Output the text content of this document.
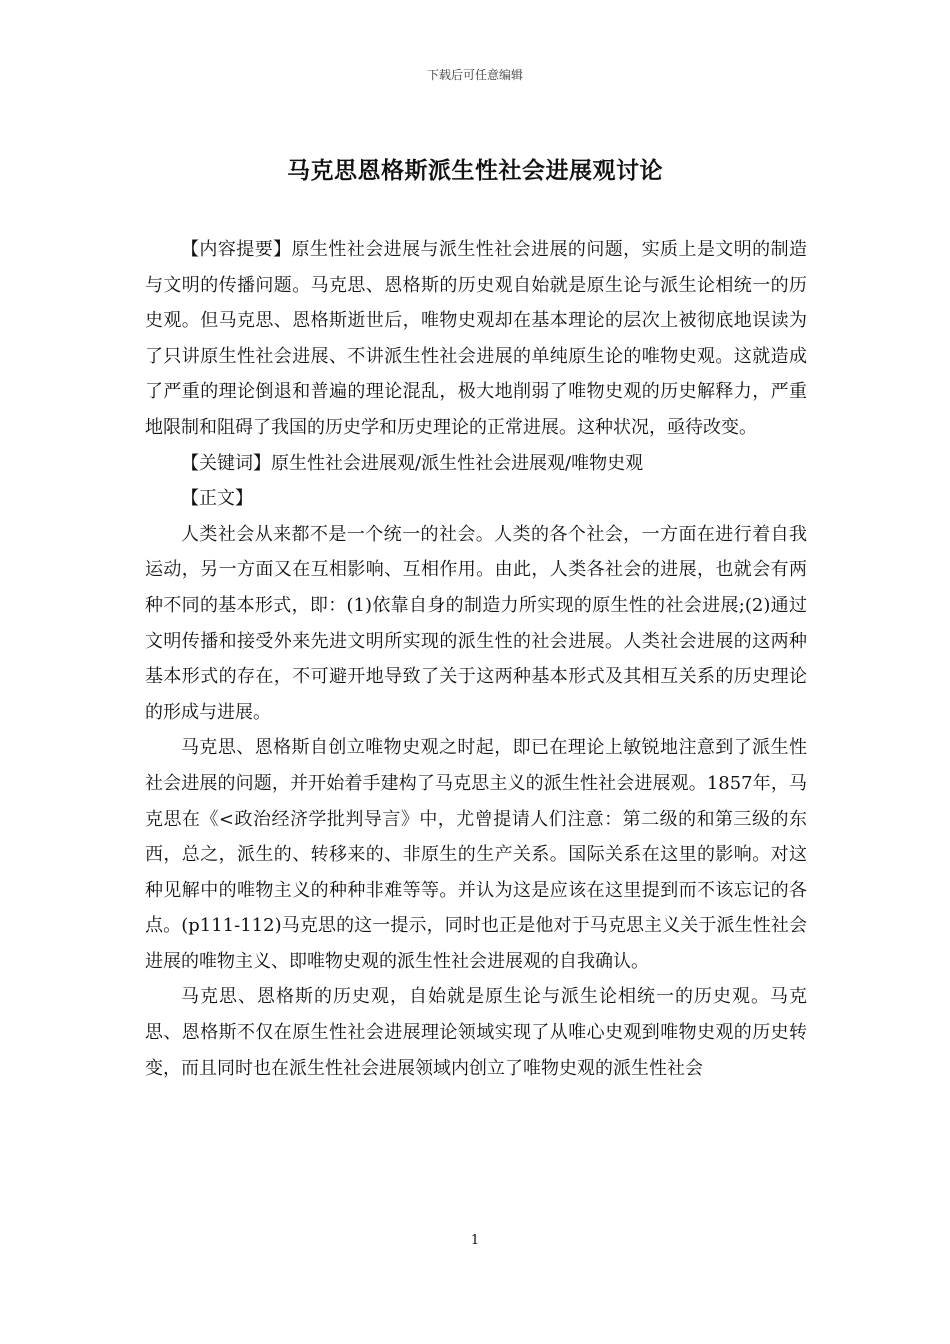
下载后可任意编辑
马克思恩格斯派生性社会进展观讨论

【内容提要】原生性社会进展与派生性社会进展的问题，实质上是文明的制造与文明的传播问题。马克思、恩格斯的历史观自始就是原生论与派生论相统一的历史观。但马克思、恩格斯逝世后，唯物史观却在基本理论的层次上被彻底地误读为了只讲原生性社会进展、不讲派生性社会进展的单纯原生论的唯物史观。这就造成了严重的理论倒退和普遍的理论混乱，极大地削弱了唯物史观的历史解释力，严重地限制和阻碍了我国的历史学和历史理论的正常进展。这种状况，亟待改变。

【关键词】原生性社会进展观/派生性社会进展观/唯物史观

【正文】

人类社会从来都不是一个统一的社会。人类的各个社会，一方面在进行着自我运动，另一方面又在互相影响、互相作用。由此，人类各社会的进展，也就会有两种不同的基本形式，即：(1)依靠自身的制造力所实现的原生性的社会进展;(2)通过文明传播和接受外来先进文明所实现的派生性的社会进展。人类社会进展的这两种基本形式的存在，不可避开地导致了关于这两种基本形式及其相互关系的历史理论的形成与进展。

马克思、恩格斯自创立唯物史观之时起，即已在理论上敏锐地注意到了派生性社会进展的问题，并开始着手建构了马克思主义的派生性社会进展观。1857年，马克思在《<政治经济学批判导言》中，尤曾提请人们注意：第二级的和第三级的东西，总之，派生的、转移来的、非原生的生产关系。国际关系在这里的影响。对这种见解中的唯物主义的种种非难等等。并认为这是应该在这里提到而不该忘记的各点。(p111-112)马克思的这一提示，同时也正是他对于马克思主义关于派生性社会进展的唯物主义、即唯物史观的派生性社会进展观的自我确认。

马克思、恩格斯的历史观，自始就是原生论与派生论相统一的历史观。马克思、恩格斯不仅在原生性社会进展理论领域实现了从唯心史观到唯物史观的历史转变，而且同时也在派生性社会进展领域内创立了唯物史观的派生性社会

1
